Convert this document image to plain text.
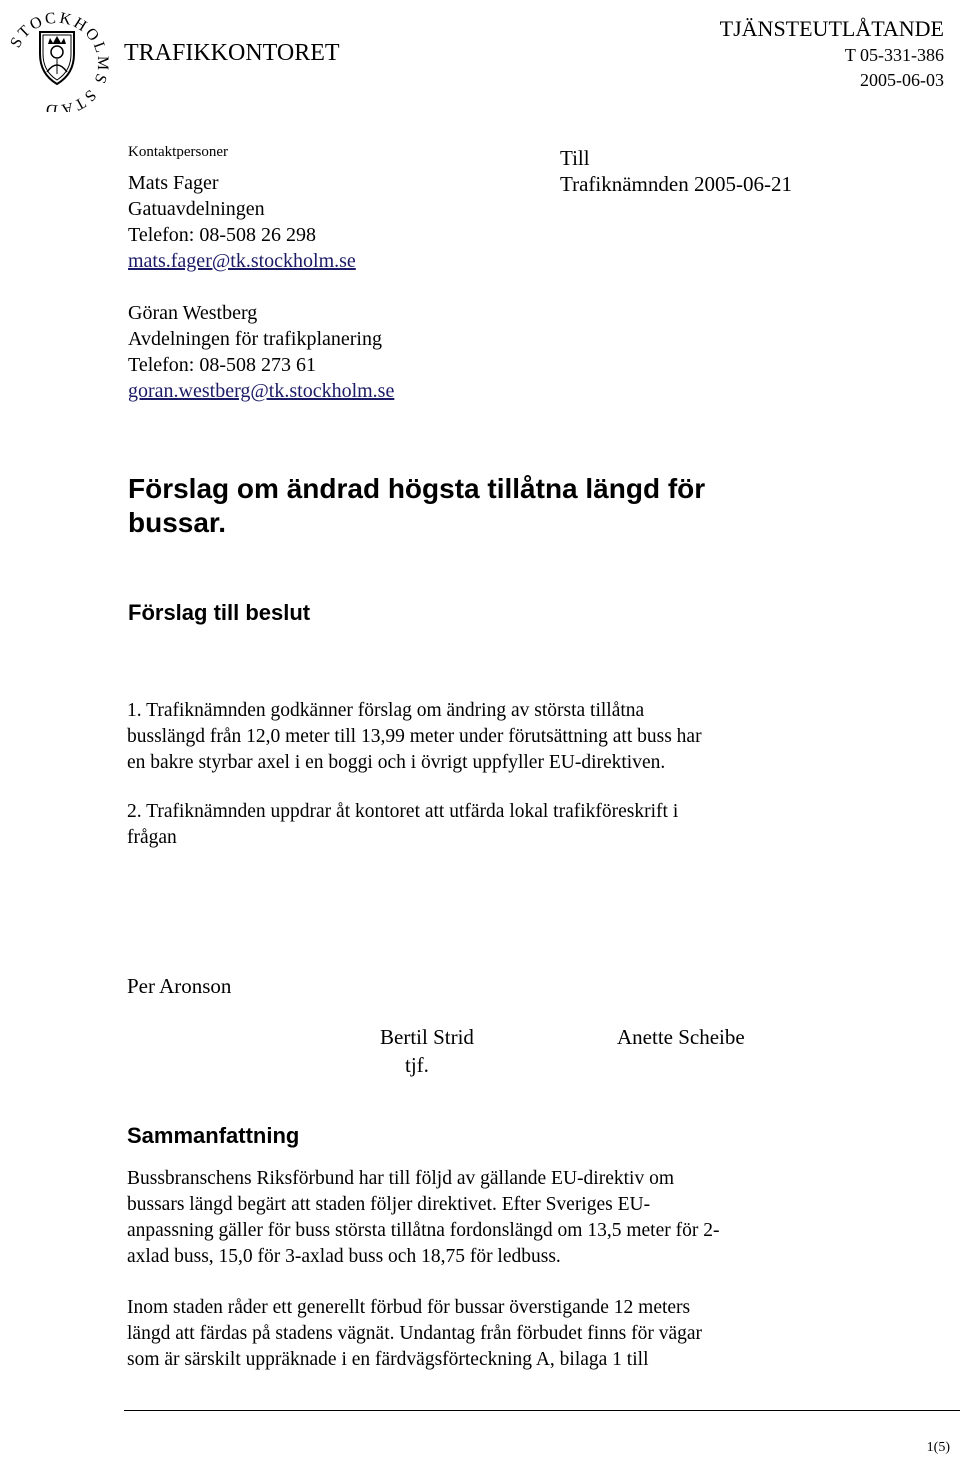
STOCKHOLMS STAD
TRAFIKKONTORET
TJÄNSTEUTLÅTANDE
T 05-331-386
2005-06-03
Kontaktpersoner
Mats Fager
Gatuavdelningen
Telefon: 08-508 26 298
mats.fager@tk.stockholm.se
Göran Westberg
Avdelningen för trafikplanering
Telefon: 08-508 273 61
goran.westberg@tk.stockholm.se
Till
Trafiknämnden 2005-06-21
Förslag om ändrad högsta tillåtna längd för
bussar.
Förslag till beslut
1. Trafiknämnden godkänner förslag om ändring av största tillåtna
busslängd från 12,0 meter till 13,99 meter under förutsättning att buss har
en bakre styrbar axel i en boggi och i övrigt uppfyller EU-direktiven.
2. Trafiknämnden uppdrar åt kontoret att utfärda lokal trafikföreskrift i
frågan
Per Aronson
Bertil Strid
tjf.
Anette Scheibe
Sammanfattning
Bussbranschens Riksförbund har till följd av gällande EU-direktiv om
bussars längd begärt att staden följer direktivet. Efter Sveriges EU-
anpassning gäller för buss största tillåtna fordonslängd om 13,5 meter för 2-
axlad buss, 15,0 för 3-axlad buss och 18,75 för ledbuss.
Inom staden råder ett generellt förbud för bussar överstigande 12 meters
längd att färdas på stadens vägnät. Undantag från förbudet finns för vägar
som är särskilt uppräknade i en färdvägsförteckning A, bilaga 1 till
1(5)
